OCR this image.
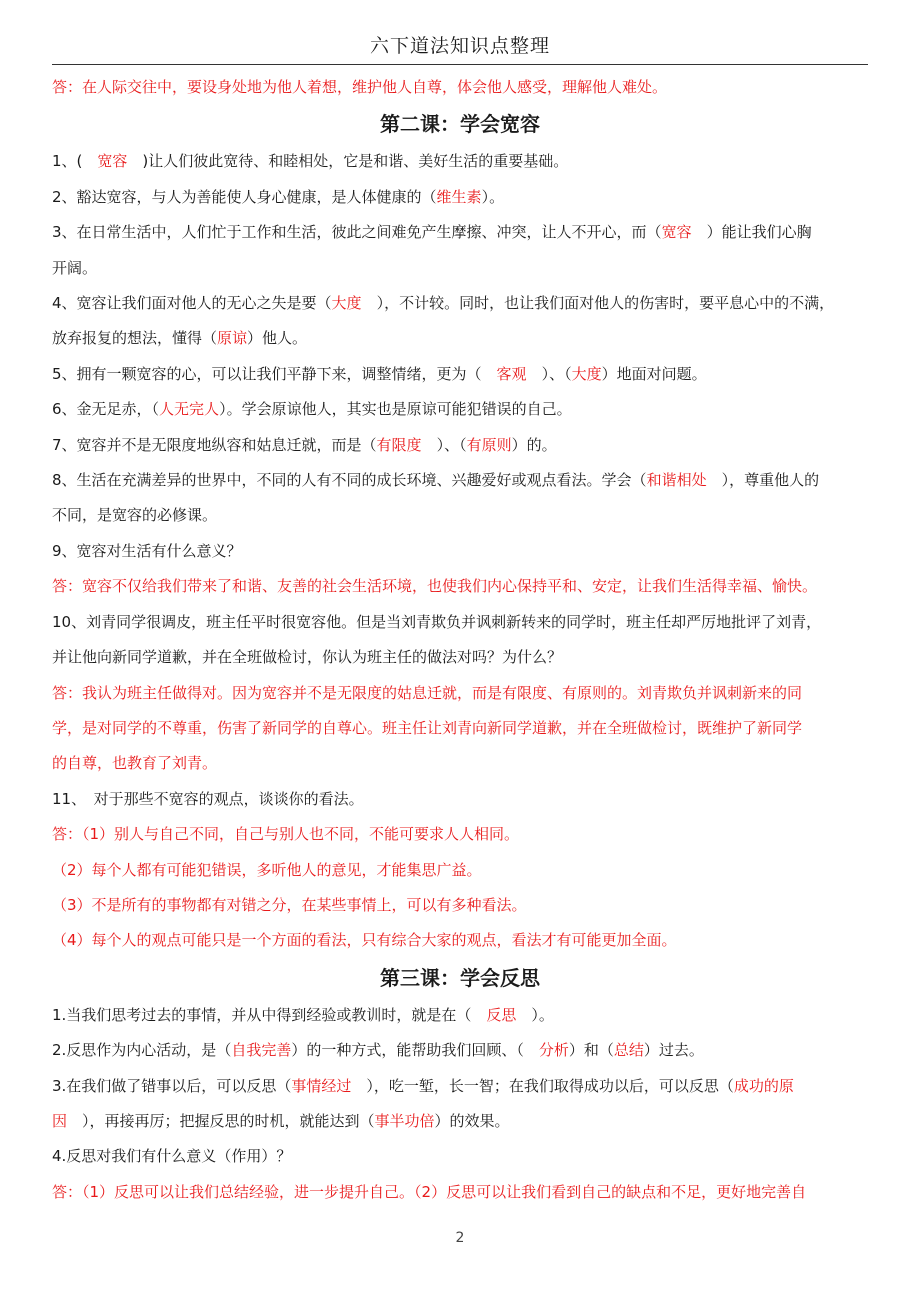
六下道法知识点整理
答：在人际交往中，要设身处地为他人着想，维护他人自尊，体会他人感受，理解他人难处。
第二课：学会宽容
1、(　宽容　)让人们彼此宽待、和睦相处，它是和谐、美好生活的重要基础。
2、豁达宽容，与人为善能使人身心健康，是人体健康的（维生素）。
3、在日常生活中，人们忙于工作和生活，彼此之间难免产生摩擦、冲突，让人不开心，而（宽容　）能让我们心胸
开阔。
4、宽容让我们面对他人的无心之失是要（大度　），不计较。同时，也让我们面对他人的伤害时，要平息心中的不满，
放弃报复的想法，懂得（原谅）他人。
5、拥有一颗宽容的心，可以让我们平静下来，调整情绪，更为（　客观　）、（大度）地面对问题。
6、金无足赤，（人无完人）。学会原谅他人，其实也是原谅可能犯错误的自己。
7、宽容并不是无限度地纵容和姑息迁就，而是（有限度　）、（有原则）的。
8、生活在充满差异的世界中，不同的人有不同的成长环境、兴趣爱好或观点看法。学会（和谐相处　），尊重他人的
不同，是宽容的必修课。
9、宽容对生活有什么意义？
答：宽容不仅给我们带来了和谐、友善的社会生活环境，也使我们内心保持平和、安定，让我们生活得幸福、愉快。
10、刘青同学很调皮，班主任平时很宽容他。但是当刘青欺负并讽刺新转来的同学时，班主任却严厉地批评了刘青，
并让他向新同学道歉，并在全班做检讨，你认为班主任的做法对吗？为什么？
答：我认为班主任做得对。因为宽容并不是无限度的姑息迁就，而是有限度、有原则的。刘青欺负并讽刺新来的同
学，是对同学的不尊重，伤害了新同学的自尊心。班主任让刘青向新同学道歉，并在全班做检讨，既维护了新同学
的自尊，也教育了刘青。
11、　对于那些不宽容的观点，谈谈你的看法。
答：（1）别人与自己不同，自己与别人也不同，不能可要求人人相同。
（2）每个人都有可能犯错误，多听他人的意见，才能集思广益。
（3）不是所有的事物都有对错之分，在某些事情上，可以有多种看法。
（4）每个人的观点可能只是一个方面的看法，只有综合大家的观点，看法才有可能更加全面。
第三课：学会反思
1.当我们思考过去的事情，并从中得到经验或教训时，就是在（　反思　）。
2.反思作为内心活动，是（自我完善）的一种方式，能帮助我们回顾、（　分析）和（总结）过去。
3.在我们做了错事以后，可以反思（事情经过　），吃一堑，长一智；在我们取得成功以后，可以反思（成功的原
因　），再接再厉；把握反思的时机，就能达到（事半功倍）的效果。
4.反思对我们有什么意义（作用）？
答：（1）反思可以让我们总结经验，进一步提升自己。（2）反思可以让我们看到自己的缺点和不足，更好地完善自
2
